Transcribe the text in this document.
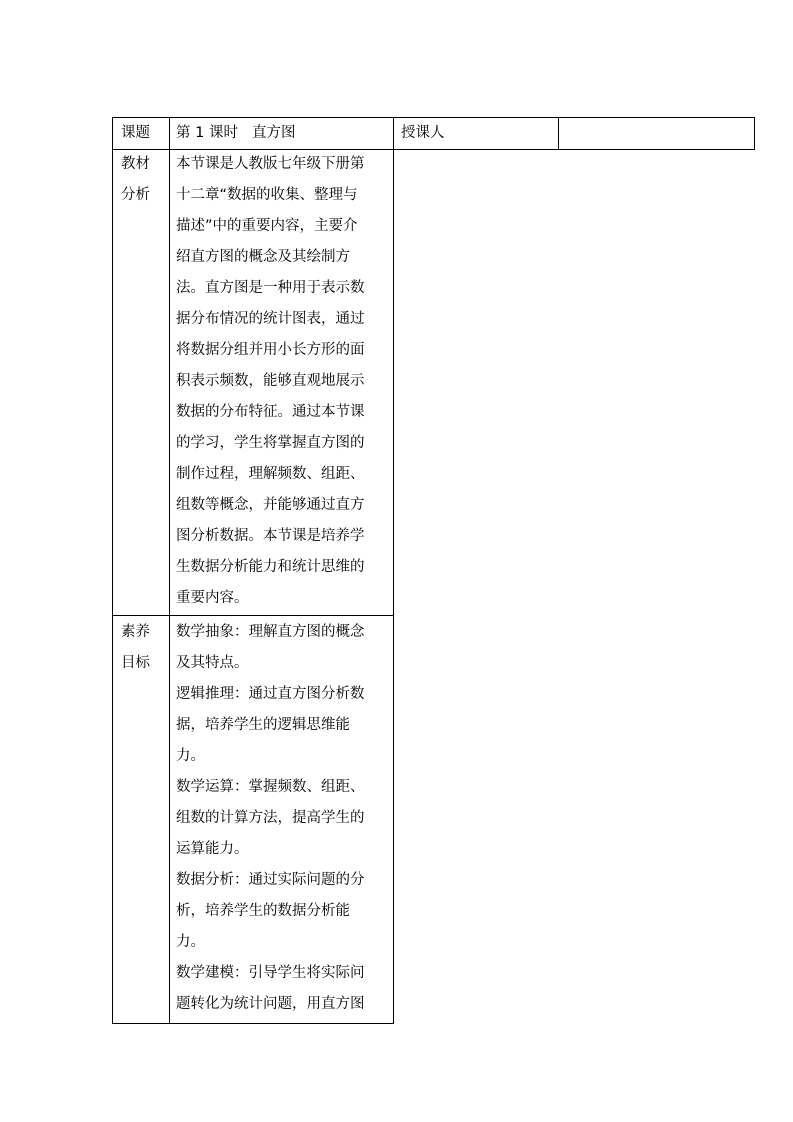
课题 第 1 课时 直方图	授课人
教材
分析
本节课是人教版七年级下册第
十二章“数据的收集、整理与
描述”中的重要内容，主要介
绍直方图的概念及其绘制方
法。直方图是一种用于表示数
据分布情况的统计图表，通过
将数据分组并用小长方形的面
积表示频数，能够直观地展示
数据的分布特征。通过本节课
的学习，学生将掌握直方图的
制作过程，理解频数、组距、
组数等概念，并能够通过直方
图分析数据。本节课是培养学
生数据分析能力和统计思维的
重要内容。
素养
目标
数学抽象：理解直方图的概念
及其特点。
逻辑推理：通过直方图分析数
据，培养学生的逻辑思维能
力。
数学运算：掌握频数、组距、
组数的计算方法，提高学生的
运算能力。
数据分析：通过实际问题的分
析，培养学生的数据分析能
力。
数学建模：引导学生将实际问
题转化为统计问题，用直方图
